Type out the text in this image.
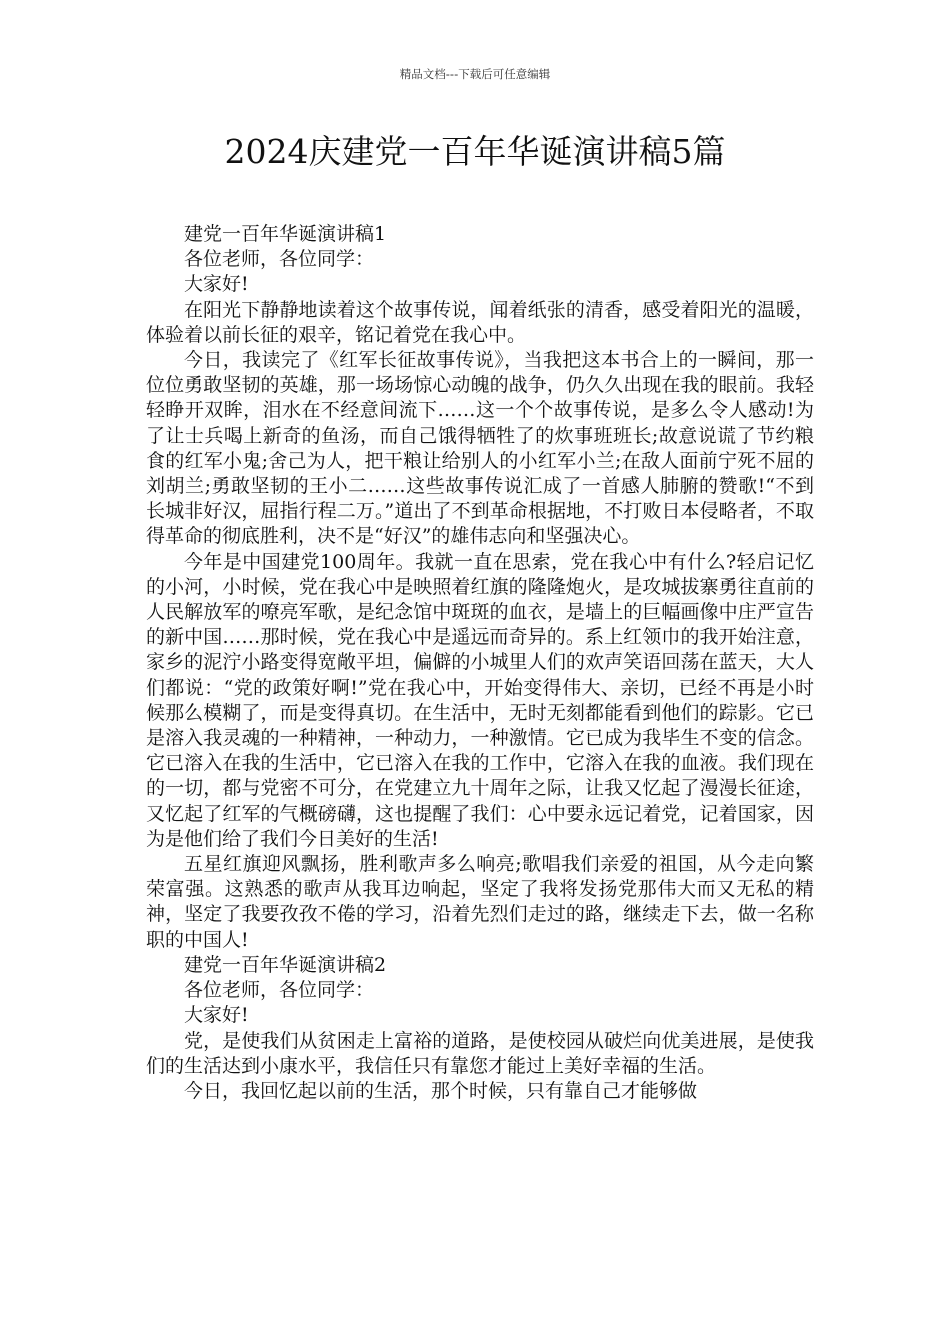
精品文档---下载后可任意编辑
2024庆建党一百年华诞演讲稿5篇

建党一百年华诞演讲稿1

各位老师，各位同学：

大家好!

在阳光下静静地读着这个故事传说，闻着纸张的清香，感受着阳光的温暖，体验着以前长征的艰辛，铭记着党在我心中。

今日，我读完了《红军长征故事传说》，当我把这本书合上的一瞬间，那一位位勇敢坚韧的英雄，那一场场惊心动魄的战争，仍久久出现在我的眼前。我轻轻睁开双眸，泪水在不经意间流下……这一个个故事传说，是多么令人感动!为了让士兵喝上新奇的鱼汤，而自己饿得牺牲了的炊事班班长;故意说谎了节约粮食的红军小鬼;舍己为人，把干粮让给别人的小红军小兰;在敌人面前宁死不屈的刘胡兰;勇敢坚韧的王小二……这些故事传说汇成了一首感人肺腑的赞歌!“不到长城非好汉，屈指行程二万。”道出了不到革命根据地，不打败日本侵略者，不取得革命的彻底胜利，决不是“好汉”的雄伟志向和坚强决心。

今年是中国建党100周年。我就一直在思索，党在我心中有什么?轻启记忆的小河，小时候，党在我心中是映照着红旗的隆隆炮火，是攻城拔寨勇往直前的人民解放军的嘹亮军歌，是纪念馆中斑斑的血衣，是墙上的巨幅画像中庄严宣告的新中国……那时候，党在我心中是遥远而奇异的。系上红领巾的我开始注意，家乡的泥泞小路变得宽敞平坦，偏僻的小城里人们的欢声笑语回荡在蓝天，大人们都说：“党的政策好啊!”党在我心中，开始变得伟大、亲切，已经不再是小时候那么模糊了，而是变得真切。在生活中，无时无刻都能看到他们的踪影。它已是溶入我灵魂的一种精神，一种动力，一种激情。它已成为我毕生不变的信念。它已溶入在我的生活中，它已溶入在我的工作中，它溶入在我的血液。我们现在的一切，都与党密不可分，在党建立九十周年之际，让我又忆起了漫漫长征途，又忆起了红军的气概磅礴，这也提醒了我们：心中要永远记着党，记着国家，因为是他们给了我们今日美好的生活!

五星红旗迎风飘扬，胜利歌声多么响亮;歌唱我们亲爱的祖国，从今走向繁荣富强。这熟悉的歌声从我耳边响起，坚定了我将发扬党那伟大而又无私的精神，坚定了我要孜孜不倦的学习，沿着先烈们走过的路，继续走下去，做一名称职的中国人!

建党一百年华诞演讲稿2

各位老师，各位同学：

大家好!

党，是使我们从贫困走上富裕的道路，是使校园从破烂向优美进展，是使我们的生活达到小康水平，我信任只有靠您才能过上美好幸福的生活。

今日，我回忆起以前的生活，那个时候，只有靠自己才能够做
